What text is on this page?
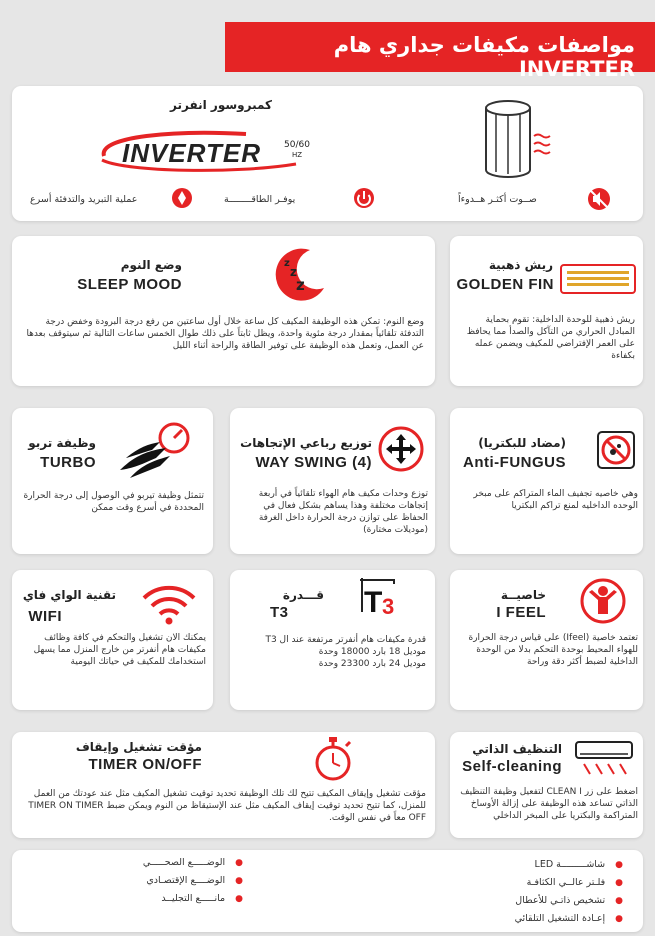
مواصفات مكيفات جداري هام INVERTER
كمبروسور انفرتر
INVERTER	50/60
HZ
عملية التبريد والتدفئة أسرع	يوفـر الطاقــــــــة	صــوت أكثـر هــدوءاً
وضع النوم
SLEEP MOOD
z
z
z
وضع النوم: تمكن هذه الوظيفة المكيف كل ساعة خلال أول ساعتين من رفع درجة البرودة وخفض درجة التدفئة تلقائياً بمقدار درجة مئوية واحدة، ويظل ثابتاً على ذلك طوال الخمس ساعات التالية ثم سيتوقف بعدها عن العمل، وتعمل هذه الوظيفة على توفير الطاقة والراحة أثناء الليل
ريش ذهبية
GOLDEN FIN
ريش ذهبية للوحدة الداخلية: تقوم بحماية المبادل الحراري من التآكل والصدأ مما يحافظ على العمر الإفتراضي للمكيف ويضمن عمله بكفاءة
وظيفة تربو
TURBO
تتمثل وظيفة تيربو في الوصول إلى درجة الحرارة المحددة في أسرع وقت ممكن
توزيع رباعي الإتجاهات
(4) WAY SWING
توزع وحدات مكيف هام الهواء تلقائياً في أربعة إتجاهات مختلفة وهذا يساهم بشكل فعال في الحفاظ على توازن درجة الحرارة داخل الغرفة (موديلات مختارة)
(مضاد للبكتريا)
Anti-FUNGUS
وهي خاصيه تجفيف الماء المتراكم على مبخر الوحده الداخليه لمنع تراكم البكتريا
تقنية الواي فاي
WIFI
يمكنك الان تشغيل والتحكم في كافة وظائف مكيفات هام أنفرتر من خارج المنزل مما يسهل استخدامك للمكيف في حياتك اليومية
قـــدرة
T3	T 3
قدرة مكيفات هام أنفرتر مرتفعة عند ال T3
موديل 18 بارد 18000 وحدة
موديل 24 بارد 23300 وحدة
خاصيــة
I FEEL
تعتمد خاصية (Ifeel) على قياس درجة الحرارة للهواء المحيط بوحدة التحكم بدلا من الوحدة الداخلية لضبط أكثر دقة وراحة
مؤقت تشغيل وإيقاف
TIMER ON/OFF
مؤقت تشغيل وإيقاف المكيف تتيح لك تلك الوظيفة تحديد توقيت تشغيل المكيف مثل عند عودتك من العمل للمنزل، كما تتيح تحديد توقيت إيقاف المكيف مثل عند الإستيقاظ من النوم ويمكن ضبط TIMER ON TIMER OFF معاً في نفس الوقت.
التنظيف الذاتي
Self-cleaning
اضغط على زر CLEAN I لتفعيل وظيفة التنظيف الذاتي تساعد هذه الوظيفة على إزالة الأوساخ المتراكمة والبكتريا على المبخر الداخلي
● شاشـــــــــة LED
● فلـتر عالــي الكثافـة
● تشخيص ذاتـي للأعطال
● إعـادة التشغيل التلقائي
● الوضـــــع الصحـــــي
● الوضــــع الإقتصـادي
● مانـــــع التجليــد
